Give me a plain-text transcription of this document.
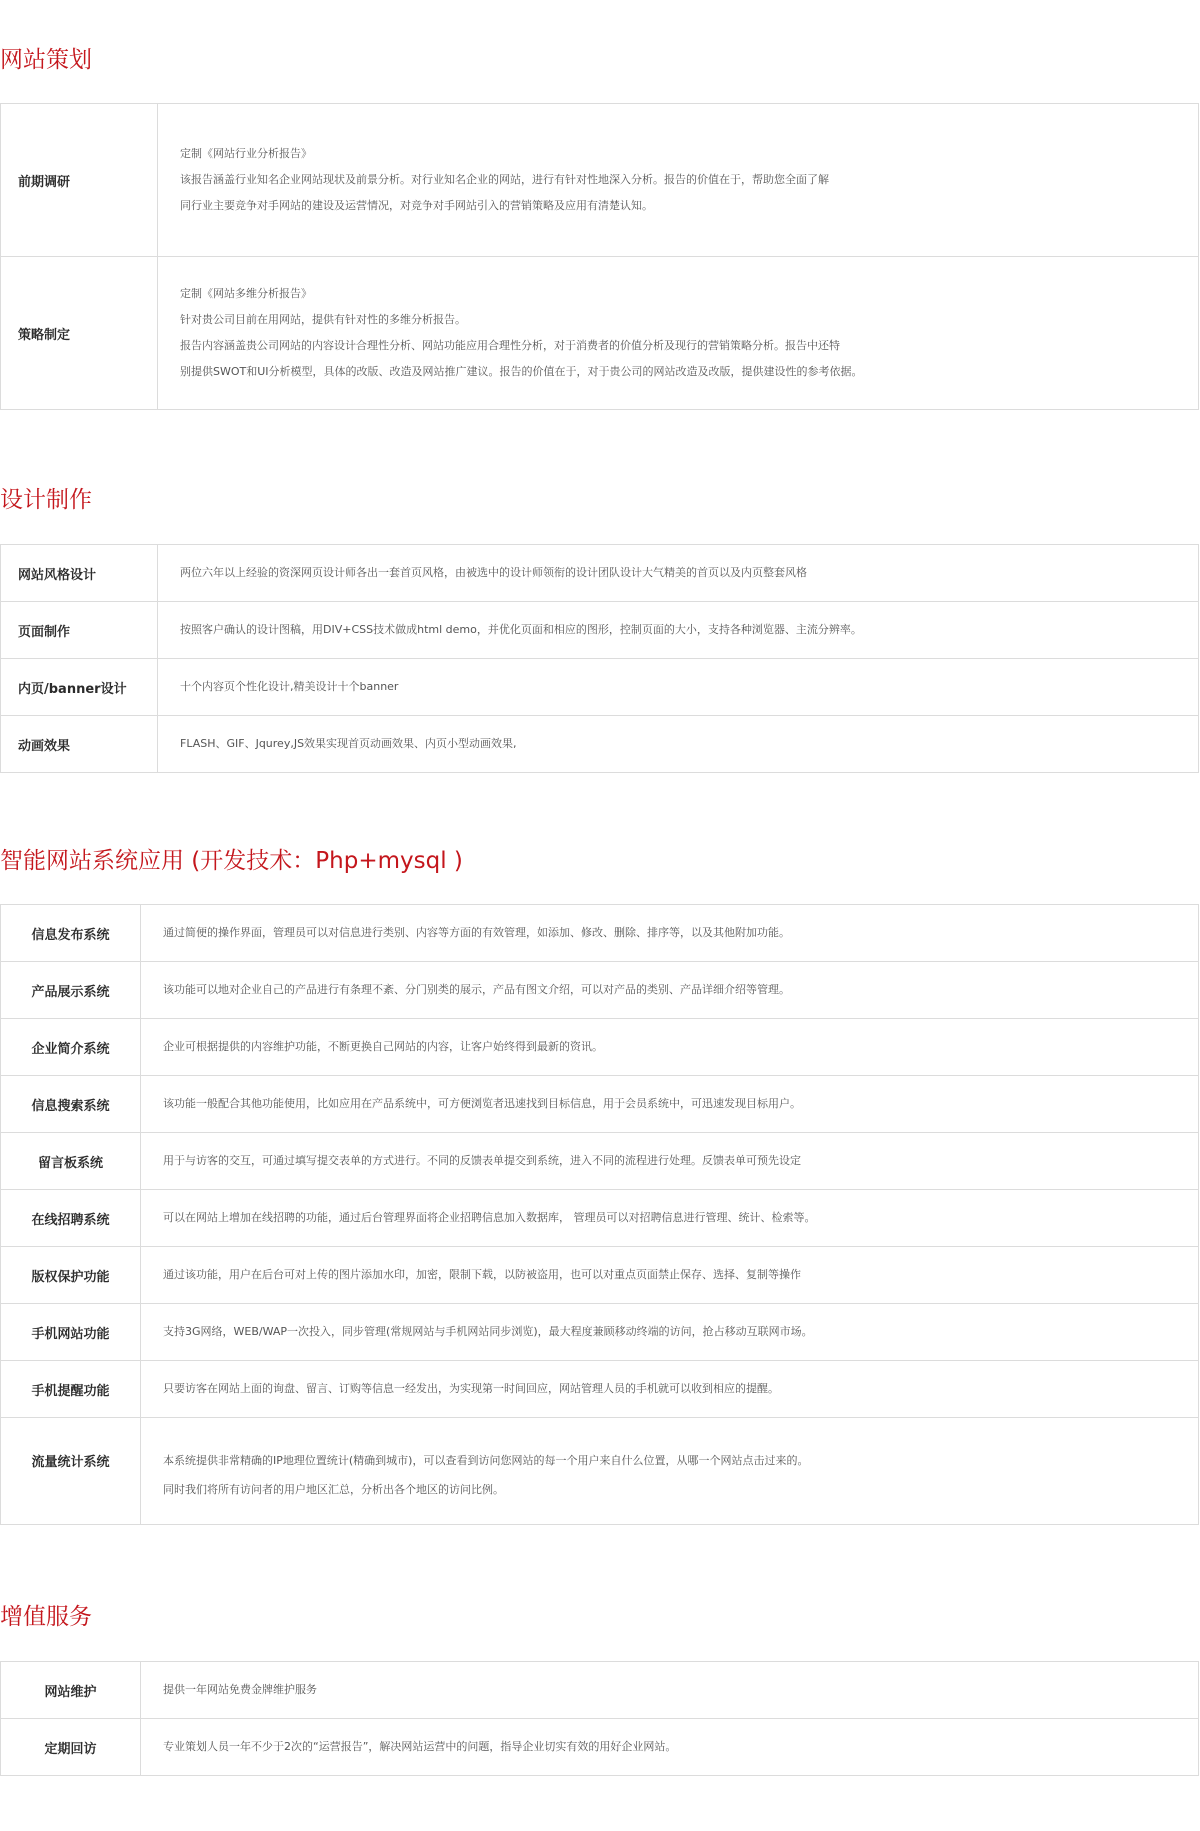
网站策划
前期调研	定制《网站行业分析报告》

该报告涵盖行业知名企业网站现状及前景分析。对行业知名企业的网站，进行有针对性地深入分析。报告的价值在于，帮助您全面了解

同行业主要竞争对手网站的建设及运营情况，对竞争对手网站引入的营销策略及应用有清楚认知。

策略制定	定制《网站多维分析报告》

针对贵公司目前在用网站，提供有针对性的多维分析报告。

报告内容涵盖贵公司网站的内容设计合理性分析、网站功能应用合理性分析，对于消费者的价值分析及现行的营销策略分析。报告中还特

别提供SWOT和UI分析模型，具体的改版、改造及网站推广建议。报告的价值在于，对于贵公司的网站改造及改版，提供建设性的参考依据。

设计制作
网站风格设计	两位六年以上经验的资深网页设计师各出一套首页风格，由被选中的设计师领衔的设计团队设计大气精美的首页以及内页整套风格

页面制作	按照客户确认的设计图稿，用DIV+CSS技术做成html demo，并优化页面和相应的图形，控制页面的大小，支持各种浏览器、主流分辨率。

内页/banner设计	十个内容页个性化设计,精美设计十个banner

动画效果	FLASH、GIF、Jqurey,JS效果实现首页动画效果、内页小型动画效果,

智能网站系统应用 (开发技术：Php+mysql )
信息发布系统	通过简便的操作界面，管理员可以对信息进行类别、内容等方面的有效管理，如添加、修改、删除、排序等，以及其他附加功能。

产品展示系统	该功能可以地对企业自己的产品进行有条理不紊、分门别类的展示，产品有图文介绍，可以对产品的类别、产品详细介绍等管理。

企业简介系统	企业可根据提供的内容维护功能，不断更换自己网站的内容，让客户始终得到最新的资讯。

信息搜索系统	该功能一般配合其他功能使用，比如应用在产品系统中，可方便浏览者迅速找到目标信息，用于会员系统中，可迅速发现目标用户。

留言板系统	用于与访客的交互，可通过填写提交表单的方式进行。不同的反馈表单提交到系统，进入不同的流程进行处理。反馈表单可预先设定

在线招聘系统	可以在网站上增加在线招聘的功能，通过后台管理界面将企业招聘信息加入数据库， 管理员可以对招聘信息进行管理、统计、检索等。

版权保护功能	通过该功能，用户在后台可对上传的图片添加水印，加密，限制下载，以防被盗用，也可以对重点页面禁止保存、选择、复制等操作

手机网站功能	支持3G网络，WEB/WAP一次投入，同步管理(常规网站与手机网站同步浏览)，最大程度兼顾移动终端的访问，抢占移动互联网市场。

手机提醒功能	只要访客在网站上面的询盘、留言、订购等信息一经发出，为实现第一时间回应，网站管理人员的手机就可以收到相应的提醒。

流量统计系统	本系统提供非常精确的IP地理位置统计(精确到城市)，可以查看到访问您网站的每一个用户来自什么位置，从哪一个网站点击过来的。

同时我们将所有访问者的用户地区汇总，分析出各个地区的访问比例。

增值服务
网站维护	提供一年网站免费金牌维护服务

定期回访	专业策划人员一年不少于2次的“运营报告”，解决网站运营中的问题，指导企业切实有效的用好企业网站。
